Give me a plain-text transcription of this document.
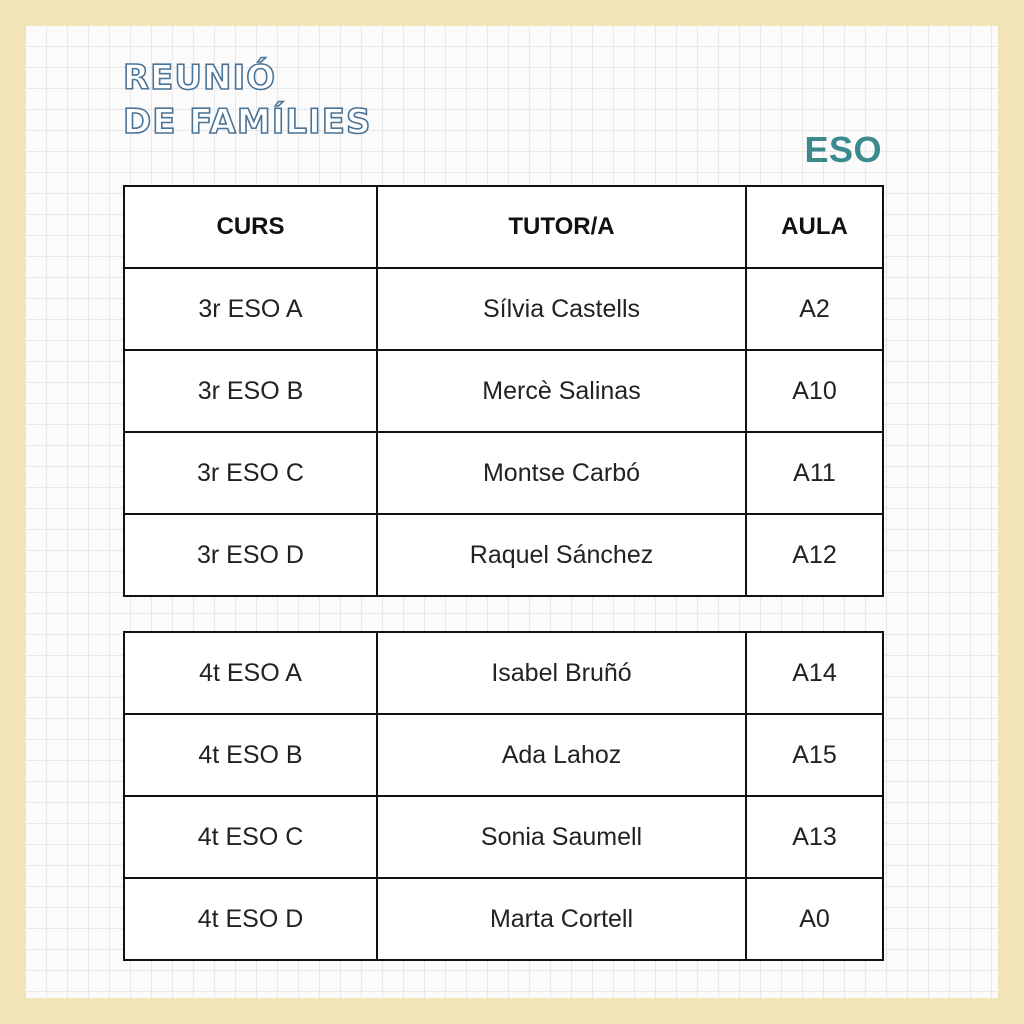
REUNIÓ
DE FAMÍLIES
ESO
CURS	TUTOR/A	AULA
3r ESO A	Sílvia Castells	A2
3r ESO B	Mercè Salinas	A10
3r ESO C	Montse Carbó	A11
3r ESO D	Raquel Sánchez	A12
4t ESO A	Isabel Bruñó	A14
4t ESO B	Ada Lahoz	A15
4t ESO C	Sonia Saumell	A13
4t ESO D	Marta Cortell	A0
